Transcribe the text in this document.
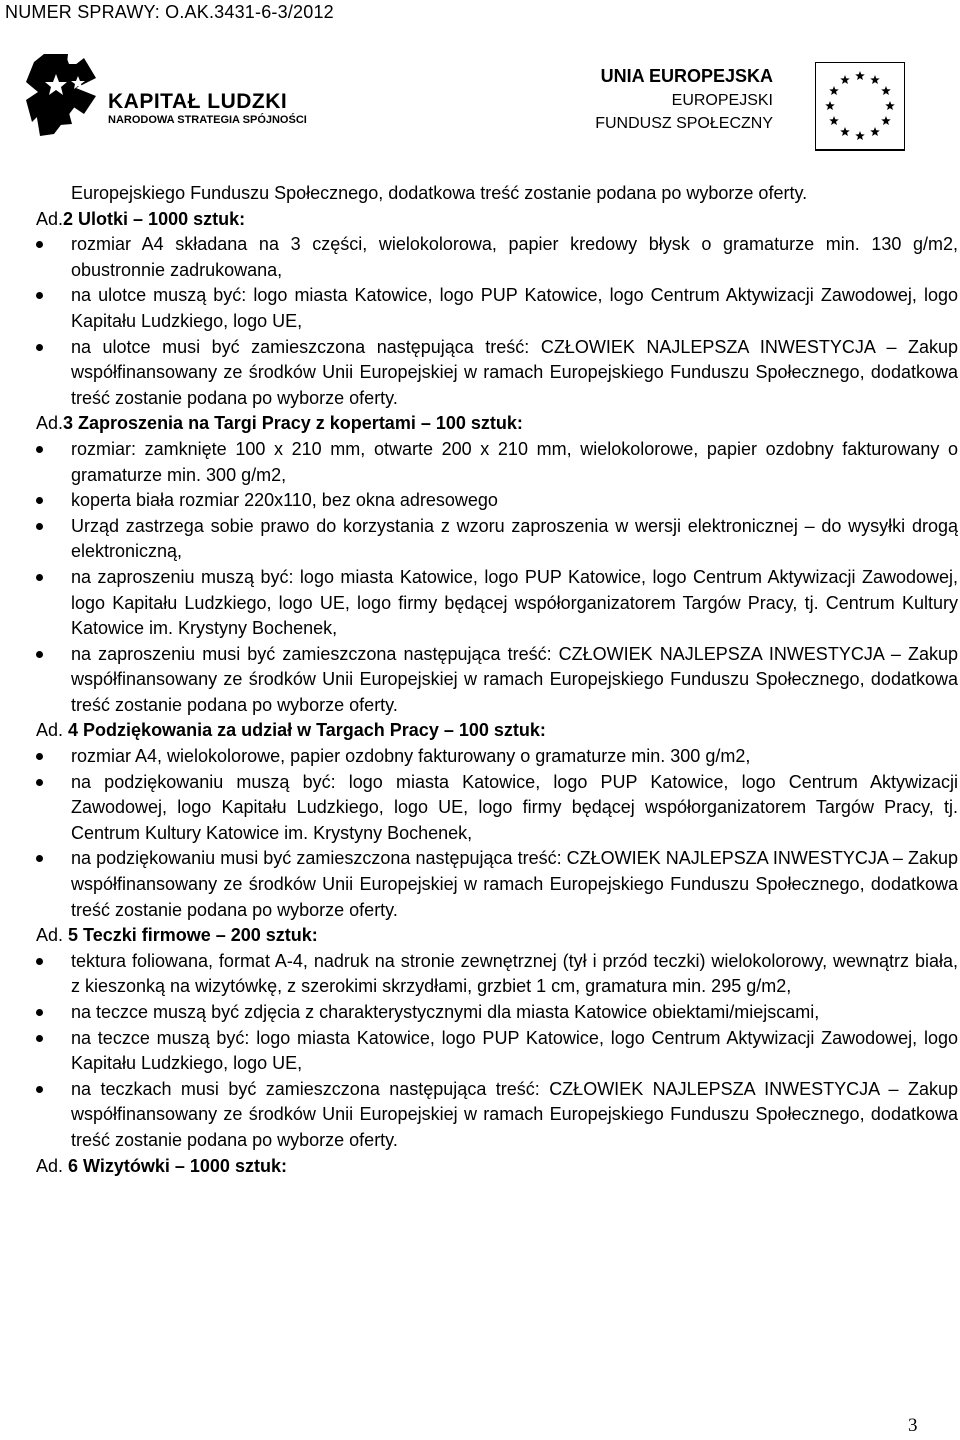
NUMER SPRAWY: O.AK.3431-6-3/2012
KAPITAŁ LUDZKI
NARODOWA STRATEGIA SPÓJNOŚCI
UNIA EUROPEJSKA
EUROPEJSKI
FUNDUSZ SPOŁECZNY
Europejskiego Funduszu Społecznego, dodatkowa treść zostanie podana po wyborze oferty.
Ad.2 Ulotki – 1000 sztuk:
rozmiar A4 składana na 3 części, wielokolorowa, papier kredowy błysk o gramaturze min. 130 g/m2, obustronnie zadrukowana,
na ulotce muszą być: logo miasta Katowice, logo PUP Katowice, logo Centrum Aktywizacji Zawodowej, logo Kapitału Ludzkiego, logo UE,
na ulotce musi być zamieszczona następująca treść: CZŁOWIEK NAJLEPSZA INWESTYCJA – Zakup współfinansowany ze środków Unii Europejskiej w ramach Europejskiego Funduszu Społecznego, dodatkowa treść zostanie podana po wyborze oferty.
Ad.3 Zaproszenia na Targi Pracy z kopertami – 100 sztuk:
rozmiar: zamknięte 100 x 210 mm, otwarte 200 x 210 mm, wielokolorowe, papier ozdobny fakturowany o gramaturze min. 300 g/m2,
koperta biała rozmiar 220x110, bez okna adresowego
Urząd zastrzega sobie prawo do korzystania z wzoru zaproszenia w wersji elektronicznej – do wysyłki drogą elektroniczną,
na zaproszeniu muszą być: logo miasta Katowice, logo PUP Katowice, logo Centrum Aktywizacji Zawodowej, logo Kapitału Ludzkiego, logo UE, logo firmy będącej współorganizatorem Targów Pracy, tj. Centrum Kultury Katowice im. Krystyny Bochenek,
na zaproszeniu musi być zamieszczona następująca treść: CZŁOWIEK NAJLEPSZA INWESTYCJA – Zakup współfinansowany ze środków Unii Europejskiej w ramach Europejskiego Funduszu Społecznego, dodatkowa treść zostanie podana po wyborze oferty.
Ad. 4 Podziękowania za udział w Targach Pracy – 100 sztuk:
rozmiar A4, wielokolorowe, papier ozdobny fakturowany o gramaturze min. 300 g/m2,
na podziękowaniu muszą być: logo miasta Katowice, logo PUP Katowice, logo Centrum Aktywizacji Zawodowej, logo Kapitału Ludzkiego, logo UE, logo firmy będącej współorganizatorem Targów Pracy, tj. Centrum Kultury Katowice im. Krystyny Bochenek,
na podziękowaniu musi być zamieszczona następująca treść: CZŁOWIEK NAJLEPSZA INWESTYCJA – Zakup współfinansowany ze środków Unii Europejskiej w ramach Europejskiego Funduszu Społecznego, dodatkowa treść zostanie podana po wyborze oferty.
Ad. 5 Teczki firmowe – 200 sztuk:
tektura foliowana, format A-4, nadruk na stronie zewnętrznej (tył i przód teczki) wielokolorowy, wewnątrz biała, z kieszonką na wizytówkę, z szerokimi skrzydłami, grzbiet 1 cm, gramatura min. 295 g/m2,
na teczce muszą być zdjęcia z charakterystycznymi dla miasta Katowice obiektami/miejscami,
na teczce muszą być: logo miasta Katowice, logo PUP Katowice, logo Centrum Aktywizacji Zawodowej, logo Kapitału Ludzkiego, logo UE,
na teczkach musi być zamieszczona następująca treść: CZŁOWIEK NAJLEPSZA INWESTYCJA – Zakup współfinansowany ze środków Unii Europejskiej w ramach Europejskiego Funduszu Społecznego, dodatkowa treść zostanie podana po wyborze oferty.
Ad. 6 Wizytówki – 1000 sztuk:
3
